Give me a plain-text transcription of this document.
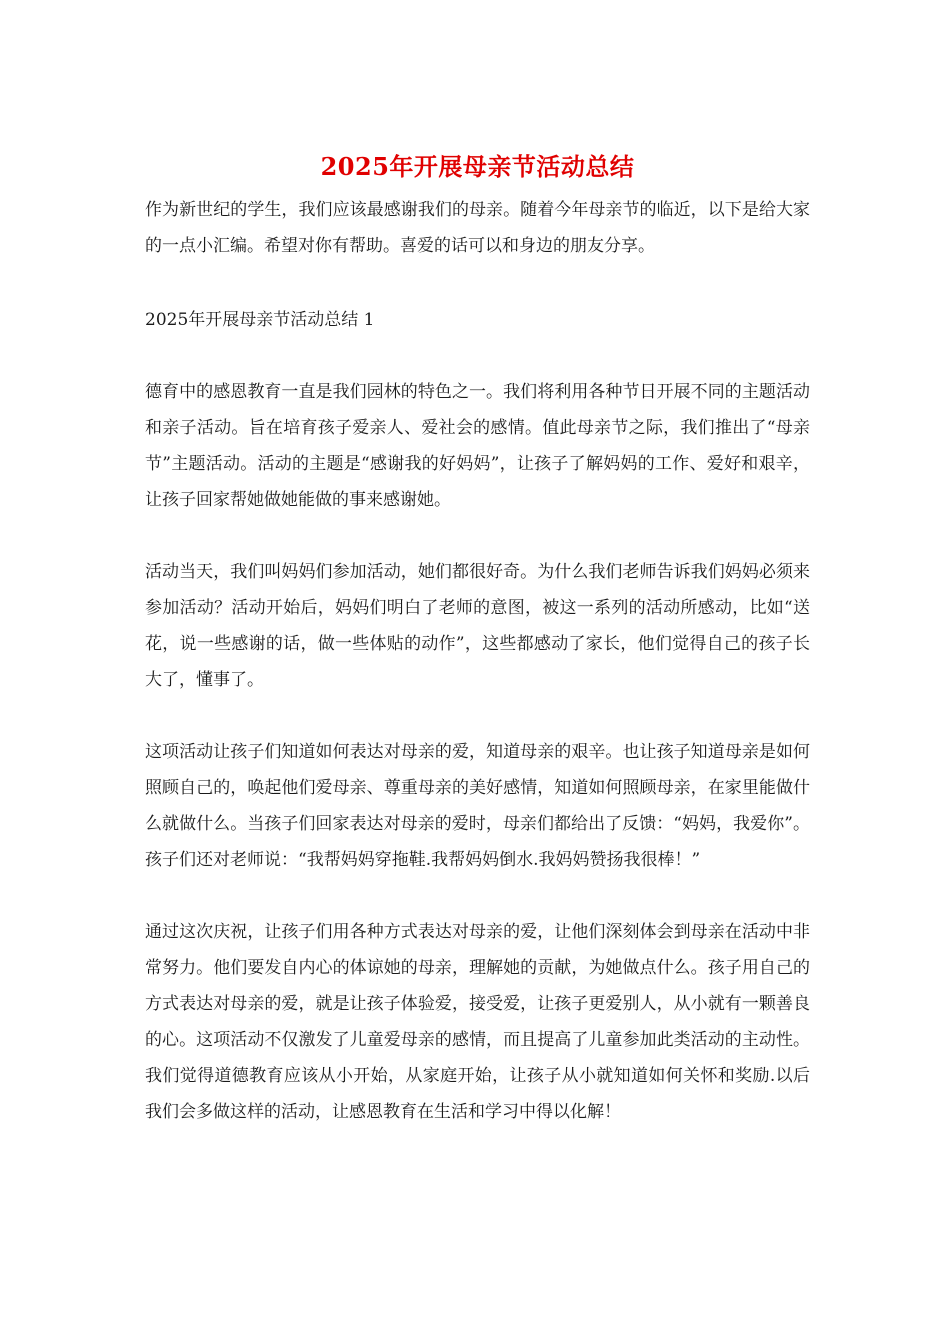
2025年开展母亲节活动总结

作为新世纪的学生，我们应该最感谢我们的母亲。随着今年母亲节的临近，以下是给大家的一点小汇编。希望对你有帮助。喜爱的话可以和身边的朋友分享。

2025年开展母亲节活动总结 1

德育中的感恩教育一直是我们园林的特色之一。我们将利用各种节日开展不同的主题活动和亲子活动。旨在培育孩子爱亲人、爱社会的感情。值此母亲节之际，我们推出了“母亲节”主题活动。活动的主题是“感谢我的好妈妈”，让孩子了解妈妈的工作、爱好和艰辛，让孩子回家帮她做她能做的事来感谢她。

活动当天，我们叫妈妈们参加活动，她们都很好奇。为什么我们老师告诉我们妈妈必须来参加活动？活动开始后，妈妈们明白了老师的意图，被这一系列的活动所感动，比如“送花，说一些感谢的话，做一些体贴的动作”，这些都感动了家长，他们觉得自己的孩子长大了，懂事了。

这项活动让孩子们知道如何表达对母亲的爱，知道母亲的艰辛。也让孩子知道母亲是如何照顾自己的，唤起他们爱母亲、尊重母亲的美好感情，知道如何照顾母亲，在家里能做什么就做什么。当孩子们回家表达对母亲的爱时，母亲们都给出了反馈：“妈妈，我爱你”。孩子们还对老师说：“我帮妈妈穿拖鞋.我帮妈妈倒水.我妈妈赞扬我很棒！”

通过这次庆祝，让孩子们用各种方式表达对母亲的爱，让他们深刻体会到母亲在活动中非常努力。他们要发自内心的体谅她的母亲，理解她的贡献，为她做点什么。孩子用自己的方式表达对母亲的爱，就是让孩子体验爱，接受爱，让孩子更爱别人，从小就有一颗善良的心。这项活动不仅激发了儿童爱母亲的感情，而且提高了儿童参加此类活动的主动性。我们觉得道德教育应该从小开始，从家庭开始，让孩子从小就知道如何关怀和奖励.以后我们会多做这样的活动，让感恩教育在生活和学习中得以化解！
